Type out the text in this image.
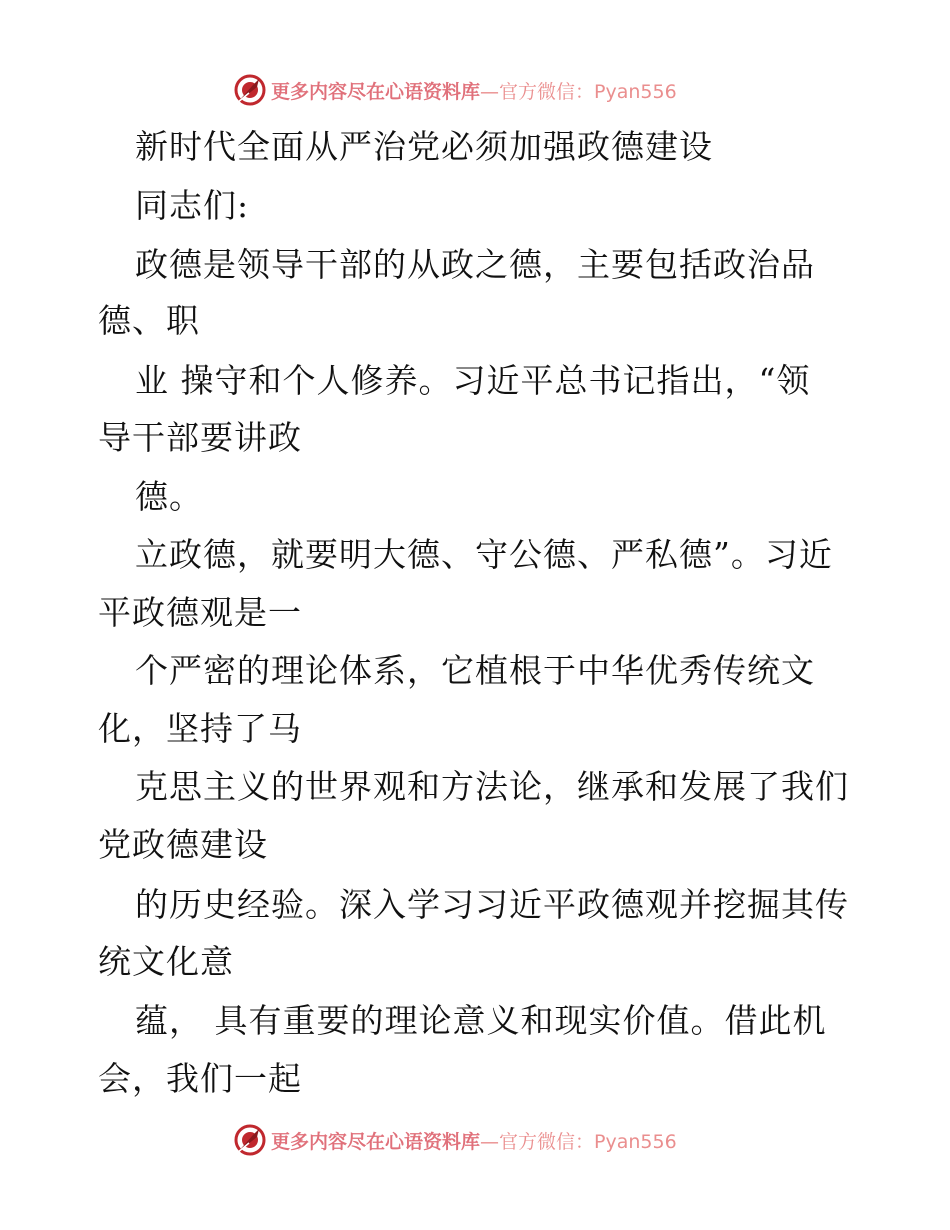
更多内容尽在心语资料库 —官方微信：Pyan556
新时代全面从严治党必须加强政德建设
同志们:
政德是领导干部的从政之德，主要包括政治品
德、职
业 操守和个人修养。习近平总书记指出，“领
导干部要讲政
德。
立政德，就要明大德、守公德、严私德”。习近
平政德观是一
个严密的理论体系，它植根于中华优秀传统文
化，坚持了马
克思主义的世界观和方法论，继承和发展了我们
党政德建设
的历史经验。深入学习习近平政德观并挖掘其传
统文化意
蕴， 具有重要的理论意义和现实价值。借此机
会，我们一起
更多内容尽在心语资料库 —官方微信：Pyan556
